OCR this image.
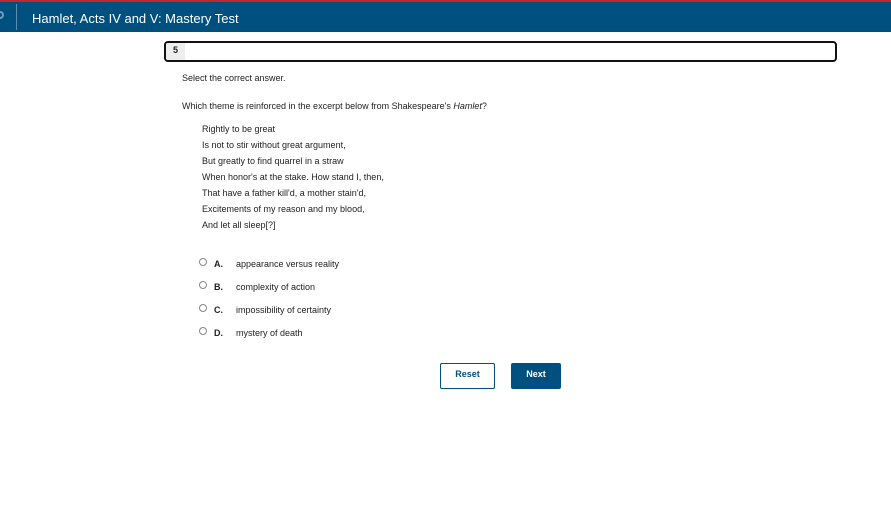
Hamlet, Acts IV and V: Mastery Test
5
Select the correct answer.
Which theme is reinforced in the excerpt below from Shakespeare's Hamlet?
Rightly to be great
Is not to stir without great argument,
But greatly to find quarrel in a straw
When honor's at the stake. How stand I, then,
That have a father kill'd, a mother stain'd,
Excitements of my reason and my blood,
And let all sleep[?]
A.	appearance versus reality
B.	complexity of action
C.	impossibility of certainty
D.	mystery of death
Reset	Next
